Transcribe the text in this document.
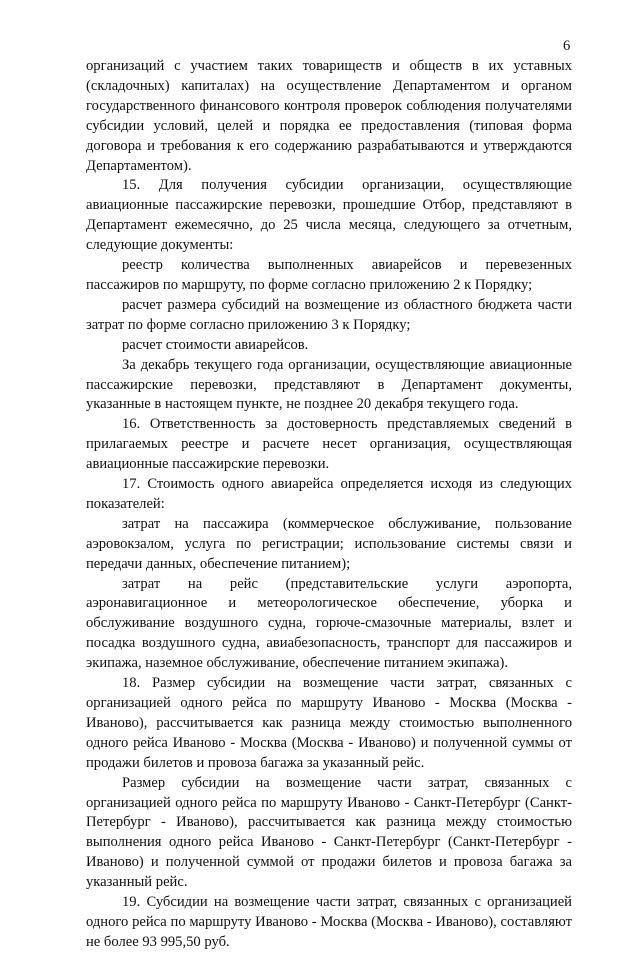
6

организаций с участием таких товариществ и обществ в их уставных (складочных) капиталах) на осуществление Департаментом и органом государственного финансового контроля проверок соблюдения получателями субсидии условий, целей и порядка ее предоставления (типовая форма договора и требования к его содержанию разрабатываются и утверждаются Департаментом).

15. Для получения субсидии организации, осуществляющие авиационные пассажирские перевозки, прошедшие Отбор, представляют в Департамент ежемесячно, до 25 числа месяца, следующего за отчетным, следующие документы:

реестр количества выполненных авиарейсов и перевезенных пассажиров по маршруту, по форме согласно приложению 2 к Порядку;

расчет размера субсидий на возмещение из областного бюджета части затрат по форме согласно приложению 3 к Порядку;

расчет стоимости авиарейсов.

За декабрь текущего года организации, осуществляющие авиационные пассажирские перевозки, представляют в Департамент документы, указанные в настоящем пункте, не позднее 20 декабря текущего года.

16. Ответственность за достоверность представляемых сведений в прилагаемых реестре и расчете несет организация, осуществляющая авиационные пассажирские перевозки.

17. Стоимость одного авиарейса определяется исходя из следующих показателей:

затрат на пассажира (коммерческое обслуживание, пользование аэровокзалом, услуга по регистрации; использование системы связи и передачи данных, обеспечение питанием);

затрат на рейс (представительские услуги аэропорта, аэронавигационное и метеорологическое обеспечение, уборка и обслуживание воздушного судна, горюче-смазочные материалы, взлет и посадка воздушного судна, авиабезопасность, транспорт для пассажиров и экипажа, наземное обслуживание, обеспечение питанием экипажа).

18. Размер субсидии на возмещение части затрат, связанных с организацией одного рейса по маршруту Иваново - Москва (Москва - Иваново), рассчитывается как разница между стоимостью выполненного одного рейса Иваново - Москва (Москва - Иваново) и полученной суммы от продажи билетов и провоза багажа за указанный рейс.

Размер субсидии на возмещение части затрат, связанных с организацией одного рейса по маршруту Иваново - Санкт-Петербург (Санкт-Петербург - Иваново), рассчитывается как разница между стоимостью выполнения одного рейса Иваново - Санкт-Петербург (Санкт-Петербург - Иваново) и полученной суммой от продажи билетов и провоза багажа за указанный рейс.

19. Субсидии на возмещение части затрат, связанных с организацией одного рейса по маршруту Иваново - Москва (Москва - Иваново), составляют не более 93 995,50 руб.
